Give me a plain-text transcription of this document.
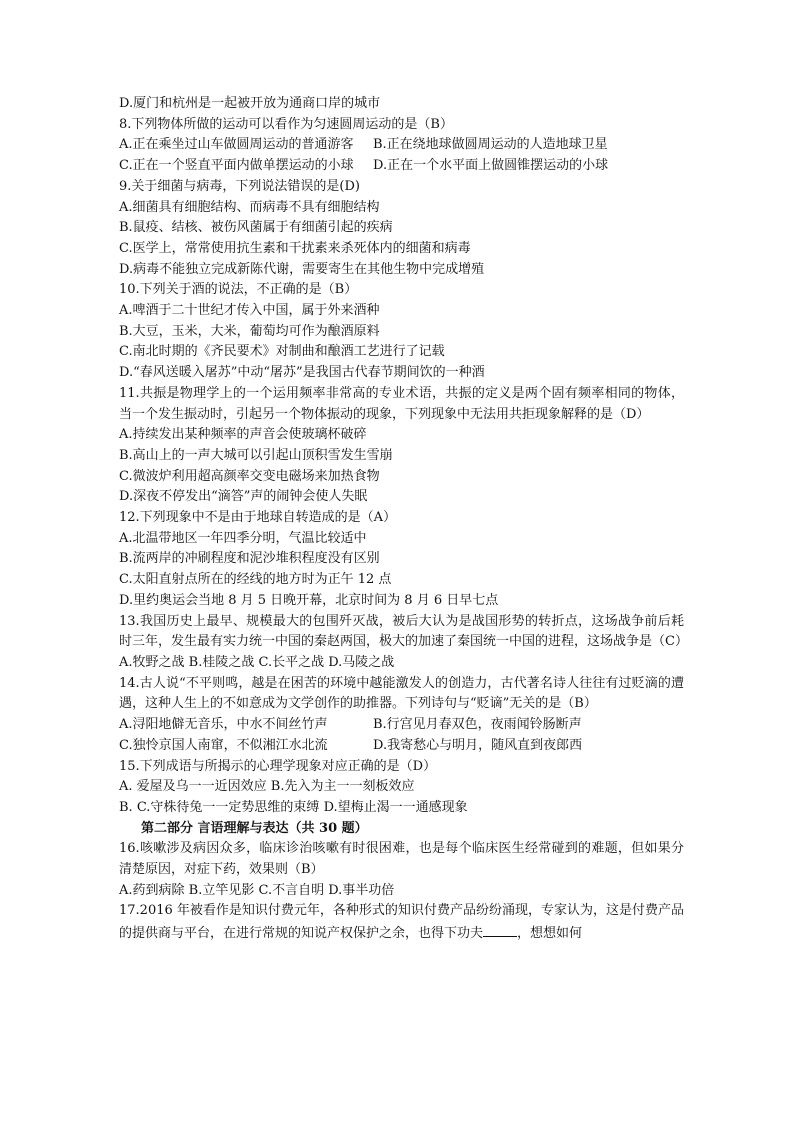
D.厦门和杭州是一起被开放为通商口岸的城市
8.下列物体所做的运动可以看作为匀速圆周运动的是（B）
A.正在乘坐过山车做圆周运动的普通游客	B.正在绕地球做圆周运动的人造地球卫星
C.正在一个竖直平面内做单摆运动的小球	D.正在一个水平面上做圆锥摆运动的小球
9.关于细菌与病毒，下列说法错误的是(D)
A.细菌具有细胞结构、而病毒不具有细胞结构
B.鼠疫、结核、被伤风菌属于有细菌引起的疾病
C.医学上，常常使用抗生素和干扰素来杀死体内的细菌和病毒
D.病毒不能独立完成新陈代谢，需要寄生在其他生物中完成增殖
10.下列关于酒的说法，不正确的是（B）
A.啤酒于二十世纪才传入中国，属于外来酒种
B.大豆，玉米，大米，葡萄均可作为酿酒原料
C.南北时期的《齐民要术》对制曲和酿酒工艺进行了记载
D.“春风送暖入屠苏”中动“屠苏”是我国古代春节期间饮的一种酒
11.共振是物理学上的一个运用频率非常高的专业术语，共振的定义是两个固有频率相同的物体，当一个发生振动时，引起另一个物体振动的现象，下列现象中无法用共拒现象解释的是（D）
A.持续发出某种频率的声音会使玻璃杯破碎
B.高山上的一声大城可以引起山顶积雪发生雪崩
C.微波炉利用超高颜率交变电磁场来加热食物
D.深夜不停发出“滴答”声的闹钟会使人失眠
12.下列现象中不是由于地球自转造成的是（A）
A.北温带地区一年四季分明，气温比较适中
B.流两岸的冲刷程度和泥沙堆积程度没有区别
C.太阳直射点所在的经线的地方时为正午 12 点
D.里约奥运会当地 8 月 5 日晚开幕，北京时间为 8 月 6 日早七点
13.我国历史上最早、规模最大的包围歼灭战，被后大认为是战国形势的转折点，这场战争前后耗时三年，发生最有实力统一中国的秦赵两国，极大的加速了秦国统一中国的进程，这场战争是（C）
A.牧野之战 B.桂陵之战 C.长平之战 D.马陵之战
14.古人说“不平则鸣，越是在困苦的环境中越能激发人的创造力，古代著名诗人往往有过贬滴的遭遇，这种人生上的不如意成为文学创作的助推器。下列诗句与“贬谪”无关的是（B）
A.浔阳地僻无音乐，中水不间丝竹声	B.行宫见月春双色，夜雨闻铃肠断声
C.独怜京国人南窜，不似湘江水北流	D.我寄愁心与明月，随风直到夜郎西
15.下列成语与所揭示的心理学现象对应正确的是（D）
A. 爱屋及乌一一近因效应 B.先入为主一一刻板效应
B. C.守株待兔一一定势思维的束缚 D.望梅止渴一一通感现象
第二部分 言语理解与表达（共 30 题）
16.咳嗽涉及病因众多，临床诊治咳嗽有时很困难，也是每个临床医生经常碰到的难题，但如果分清楚原因，对症下药，效果则（B）
A.药到病除 B.立竿见影 C.不言自明 D.事半功倍
17.2016 年被看作是知识付费元年，各种形式的知识付费产品纷纷涌现，专家认为，这是付费产品的提供商与平台，在进行常规的知说产权保护之余，也得下功夫	，想想如何
